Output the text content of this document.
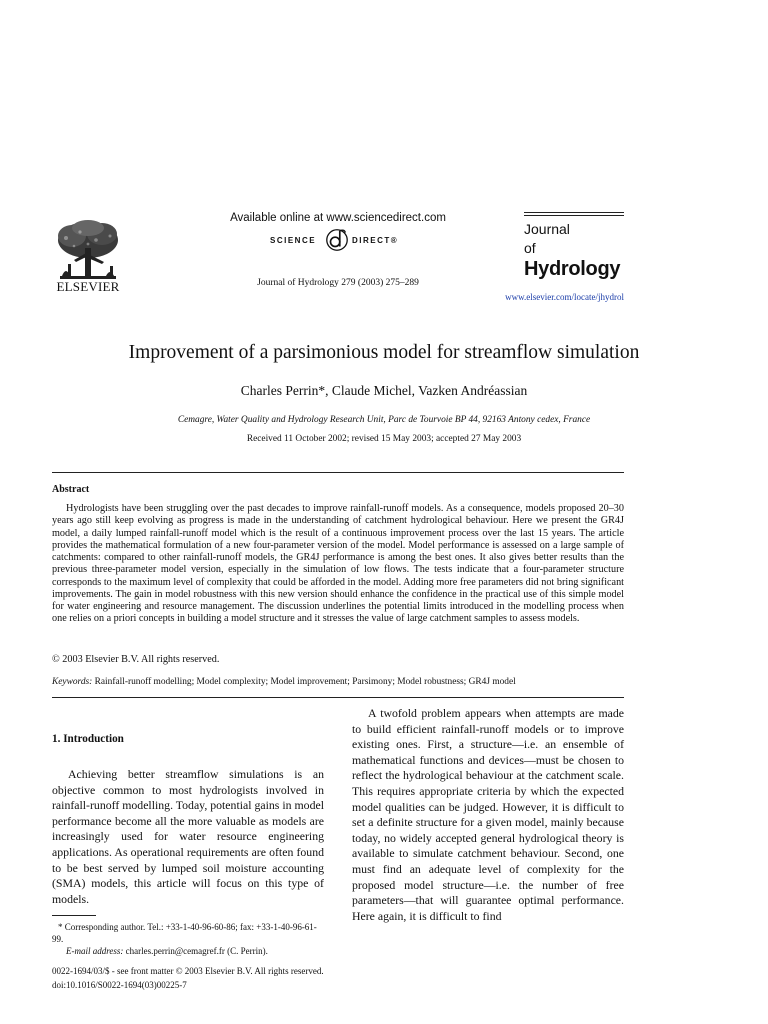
ELSEVIER
Available online at www.sciencedirect.com
SCIENCE	DIRECT®
Journal of Hydrology 279 (2003) 275–289
Journal
of
Hydrology
www.elsevier.com/locate/jhydrol
Improvement of a parsimonious model for streamflow simulation
Charles Perrin*, Claude Michel, Vazken Andréassian
Cemagre, Water Quality and Hydrology Research Unit, Parc de Tourvoie BP 44, 92163 Antony cedex, France
Received 11 October 2002; revised 15 May 2003; accepted 27 May 2003
Abstract
Hydrologists have been struggling over the past decades to improve rainfall-runoff models. As a consequence, models proposed 20–30 years ago still keep evolving as progress is made in the understanding of catchment hydrological behaviour. Here we present the GR4J model, a daily lumped rainfall-runoff model which is the result of a continuous improvement process over the last 15 years. The article provides the mathematical formulation of a new four-parameter version of the model. Model performance is assessed on a large sample of catchments: compared to other rainfall-runoff models, the GR4J performance is among the best ones. It also gives better results than the previous three-parameter model version, especially in the simulation of low flows. The tests indicate that a four-parameter structure corresponds to the maximum level of complexity that could be afforded in the model. Adding more free parameters did not bring significant improvements. The gain in model robustness with this new version should enhance the confidence in the practical use of this simple model for water engineering and resource management. The discussion underlines the potential limits introduced in the modelling process when one relies on a priori concepts in building a model structure and it stresses the value of large catchment samples to assess models.
© 2003 Elsevier B.V. All rights reserved.
Keywords: Rainfall-runoff modelling; Model complexity; Model improvement; Parsimony; Model robustness; GR4J model
1. Introduction
Achieving better streamflow simulations is an objective common to most hydrologists involved in rainfall-runoff modelling. Today, potential gains in model performance become all the more valuable as models are increasingly used for water resource engineering applications. As operational requirements are often found to be best served by lumped soil moisture accounting (SMA) models, this article will focus on this type of models.
A twofold problem appears when attempts are made to build efficient rainfall-runoff models or to improve existing ones. First, a structure—i.e. an ensemble of mathematical functions and devices—must be chosen to reflect the hydrological behaviour at the catchment scale. This requires appropriate criteria by which the expected model qualities can be judged. However, it is difficult to set a definite structure for a given model, mainly because today, no widely accepted general hydrological theory is available to simulate catchment behaviour. Second, one must find an adequate level of complexity for the proposed model structure—i.e. the number of free parameters—that will guarantee optimal performance. Here again, it is difficult to find
* Corresponding author. Tel.: +33-1-40-96-60-86; fax: +33-1-40-96-61-99.
E-mail address: charles.perrin@cemagref.fr (C. Perrin).
0022-1694/03/$ - see front matter © 2003 Elsevier B.V. All rights reserved.
doi:10.1016/S0022-1694(03)00225-7
